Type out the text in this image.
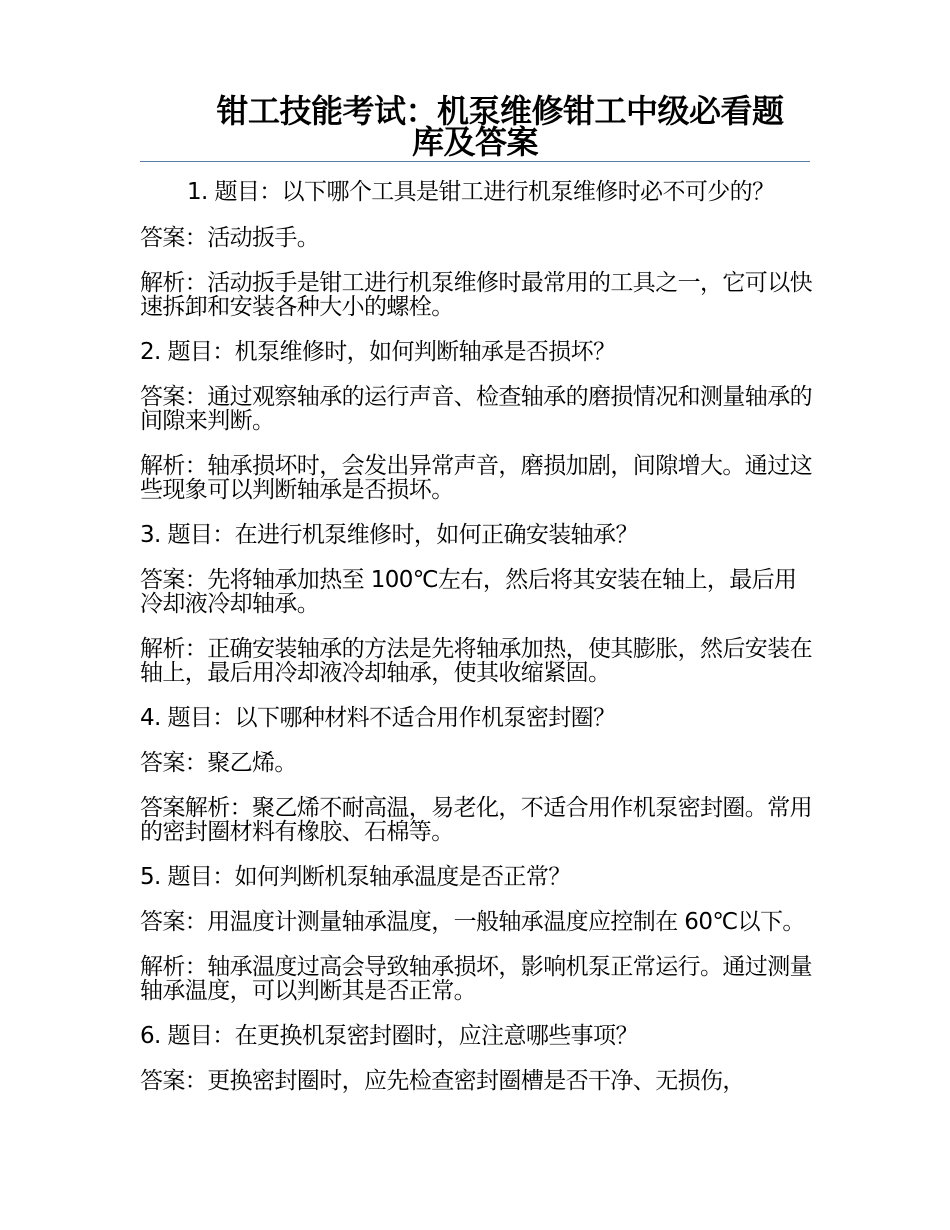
钳工技能考试：机泵维修钳工中级必看题
库及答案

1. 题目：以下哪个工具是钳工进行机泵维修时必不可少的？

答案：活动扳手。

解析：活动扳手是钳工进行机泵维修时最常用的工具之一，它可以快速拆卸和安装各种大小的螺栓。

2. 题目：机泵维修时，如何判断轴承是否损坏？

答案：通过观察轴承的运行声音、检查轴承的磨损情况和测量轴承的间隙来判断。

解析：轴承损坏时，会发出异常声音，磨损加剧，间隙增大。通过这些现象可以判断轴承是否损坏。

3. 题目：在进行机泵维修时，如何正确安装轴承？

答案：先将轴承加热至 100℃左右，然后将其安装在轴上，最后用冷却液冷却轴承。

解析：正确安装轴承的方法是先将轴承加热，使其膨胀，然后安装在轴上，最后用冷却液冷却轴承，使其收缩紧固。

4. 题目：以下哪种材料不适合用作机泵密封圈？

答案：聚乙烯。

答案解析：聚乙烯不耐高温，易老化，不适合用作机泵密封圈。常用的密封圈材料有橡胶、石棉等。

5. 题目：如何判断机泵轴承温度是否正常？

答案：用温度计测量轴承温度，一般轴承温度应控制在 60℃以下。

解析：轴承温度过高会导致轴承损坏，影响机泵正常运行。通过测量轴承温度，可以判断其是否正常。

6. 题目：在更换机泵密封圈时，应注意哪些事项？

答案：更换密封圈时，应先检查密封圈槽是否干净、无损伤，
